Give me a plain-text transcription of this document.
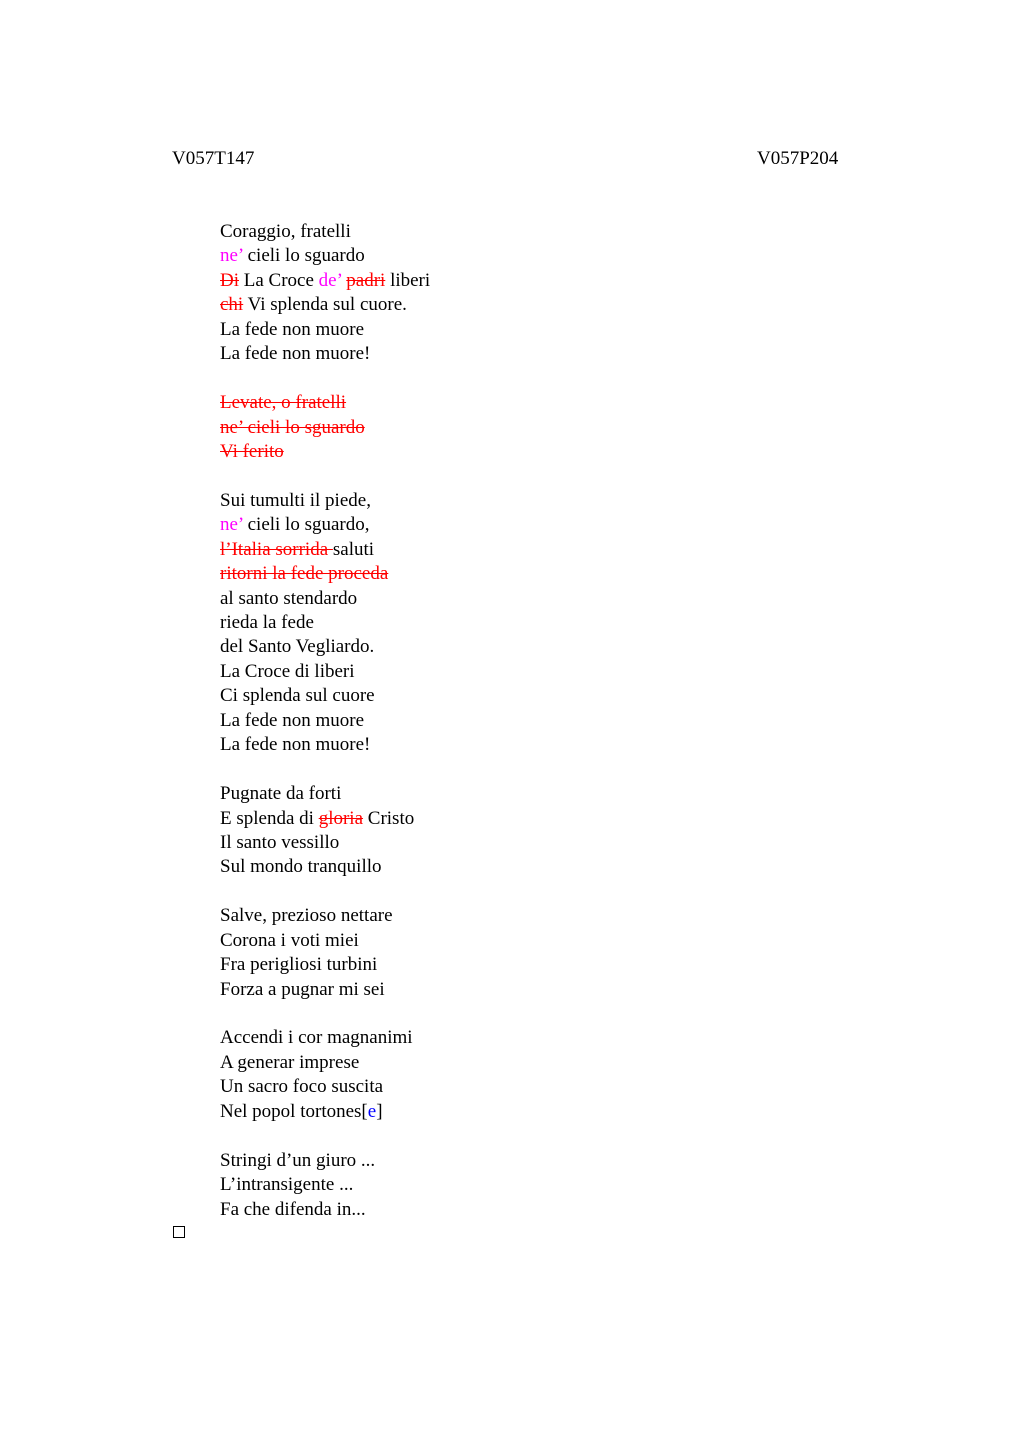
V057T147	V057P204
Coraggio, fratelli
ne’ cieli lo sguardo
Di La Croce de’ padri liberi
chi Vi splenda sul cuore.
La fede non muore
La fede non muore!
Levate, o fratelli
ne’ cieli lo sguardo
Vi ferito
Sui tumulti il piede,
ne’ cieli lo sguardo,
l’Italia sorrida saluti
ritorni la fede proceda
al santo stendardo
rieda la fede
del Santo Vegliardo.
La Croce di liberi
Ci splenda sul cuore
La fede non muore
La fede non muore!
Pugnate da forti
E splenda di gloria Cristo
Il santo vessillo
Sul mondo tranquillo
Salve, prezioso nettare
Corona i voti miei
Fra perigliosi turbini
Forza a pugnar mi sei
Accendi i cor magnanimi
A generar imprese
Un sacro foco suscita
Nel popol tortones[e]
Stringi d’un giuro ...
L’intransigente ...
Fa che difenda in...
